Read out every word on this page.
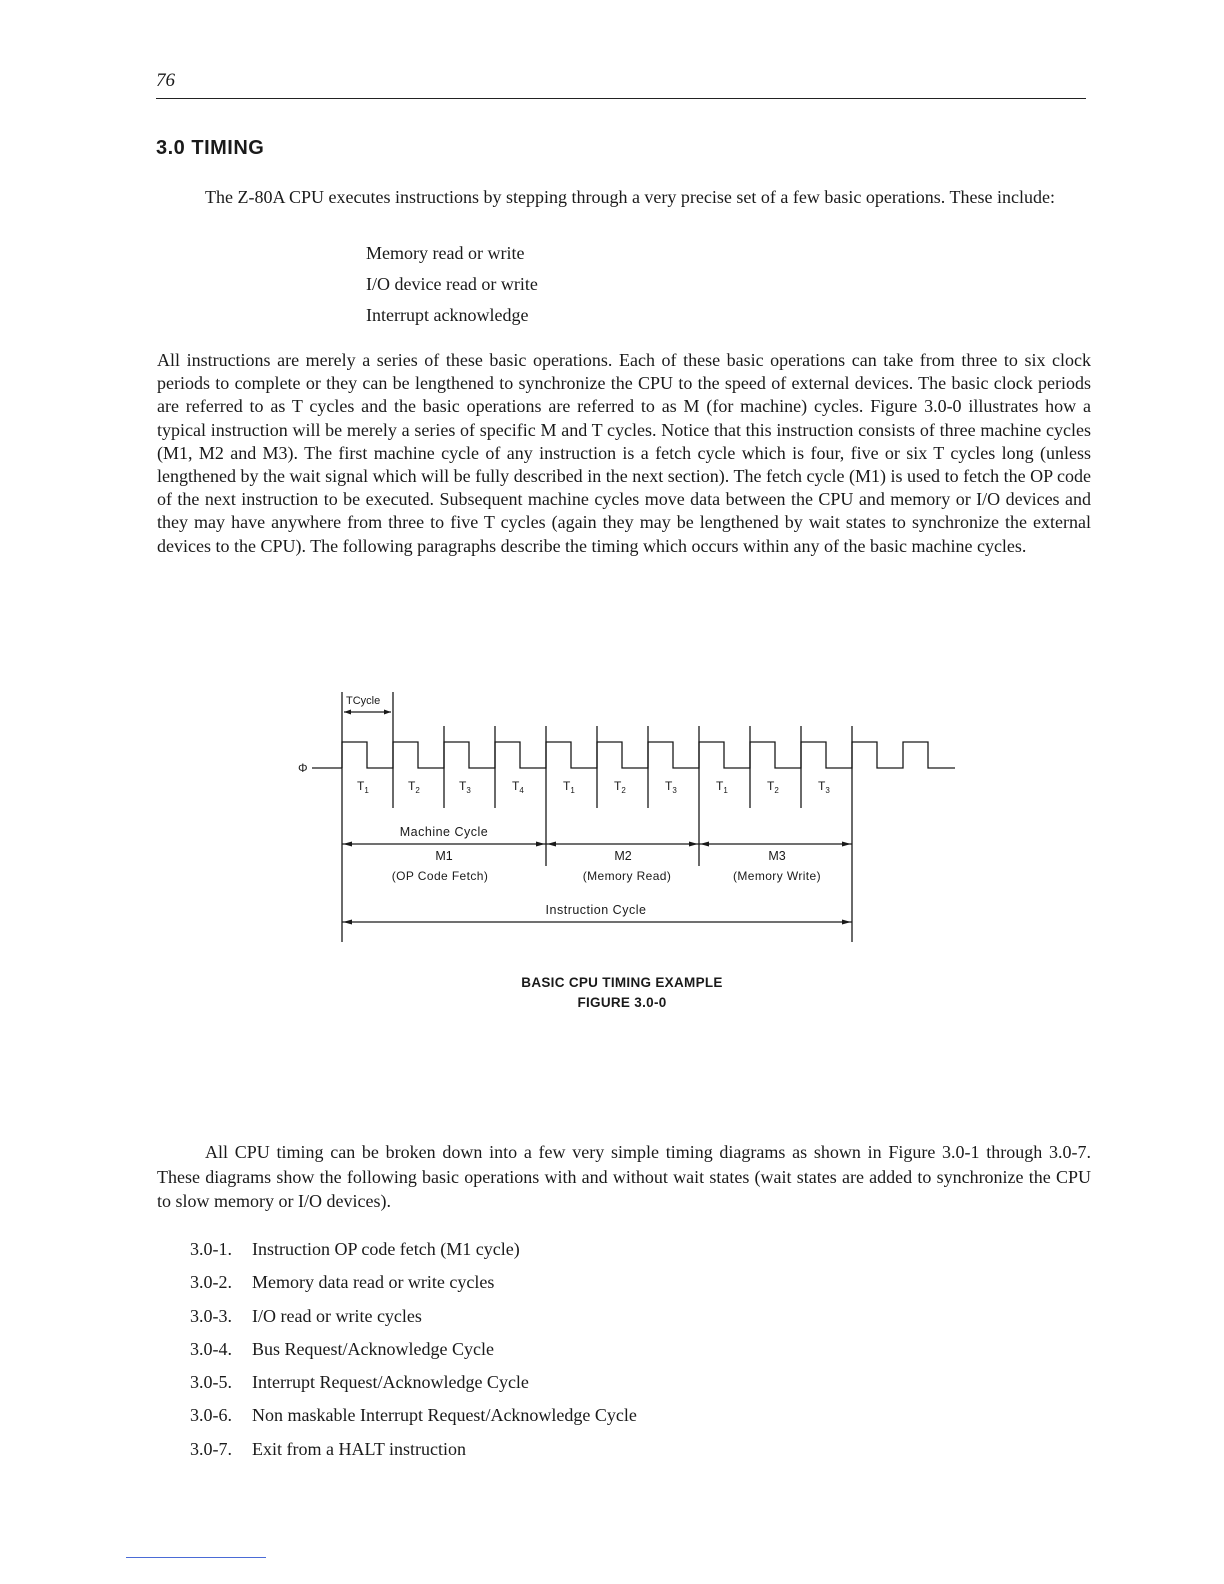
76
3.0 TIMING

The Z-80A CPU executes instructions by stepping through a very precise set of a few basic operations. These include:

Memory read or write
I/O device read or write
Interrupt acknowledge

All instructions are merely a series of these basic operations. Each of these basic operations can take from three to six clock periods to complete or they can be lengthened to synchronize the CPU to the speed of external devices. The basic clock periods are referred to as T cycles and the basic operations are referred to as M (for machine) cycles. Figure 3.0-0 illustrates how a typical instruction will be merely a series of specific M and T cycles. Notice that this instruction consists of three machine cycles (M1, M2 and M3). The first machine cycle of any instruction is a fetch cycle which is four, five or six T cycles long (unless lengthened by the wait signal which will be fully described in the next section). The fetch cycle (M1) is used to fetch the OP code of the next instruction to be executed. Subsequent machine cycles move data between the CPU and memory or I/O devices and they may have anywhere from three to five T cycles (again they may be lengthened by wait states to synchronize the external devices to the CPU). The following paragraphs describe the timing which occurs within any of the basic machine cycles.

Φ
TCycle
$T_1$	$T_2$	$T_3$	$T_4$	$T_1$	$T_2$	$T_3$	$T_1$	$T_2$	$T_3$
Machine Cycle
M1
(OP Code Fetch)
M2
(Memory Read)
M3
(Memory Write)
Instruction Cycle
BASIC CPU TIMING EXAMPLE
FIGURE 3.0-0

All CPU timing can be broken down into a few very simple timing diagrams as shown in Figure 3.0-1 through 3.0-7. These diagrams show the following basic operations with and without wait states (wait states are added to synchronize the CPU to slow memory or I/O devices).

3.0-1. Instruction OP code fetch (M1 cycle)
3.0-2. Memory data read or write cycles
3.0-3. I/O read or write cycles
3.0-4. Bus Request/Acknowledge Cycle
3.0-5. Interrupt Request/Acknowledge Cycle
3.0-6. Non maskable Interrupt Request/Acknowledge Cycle
3.0-7. Exit from a HALT instruction
